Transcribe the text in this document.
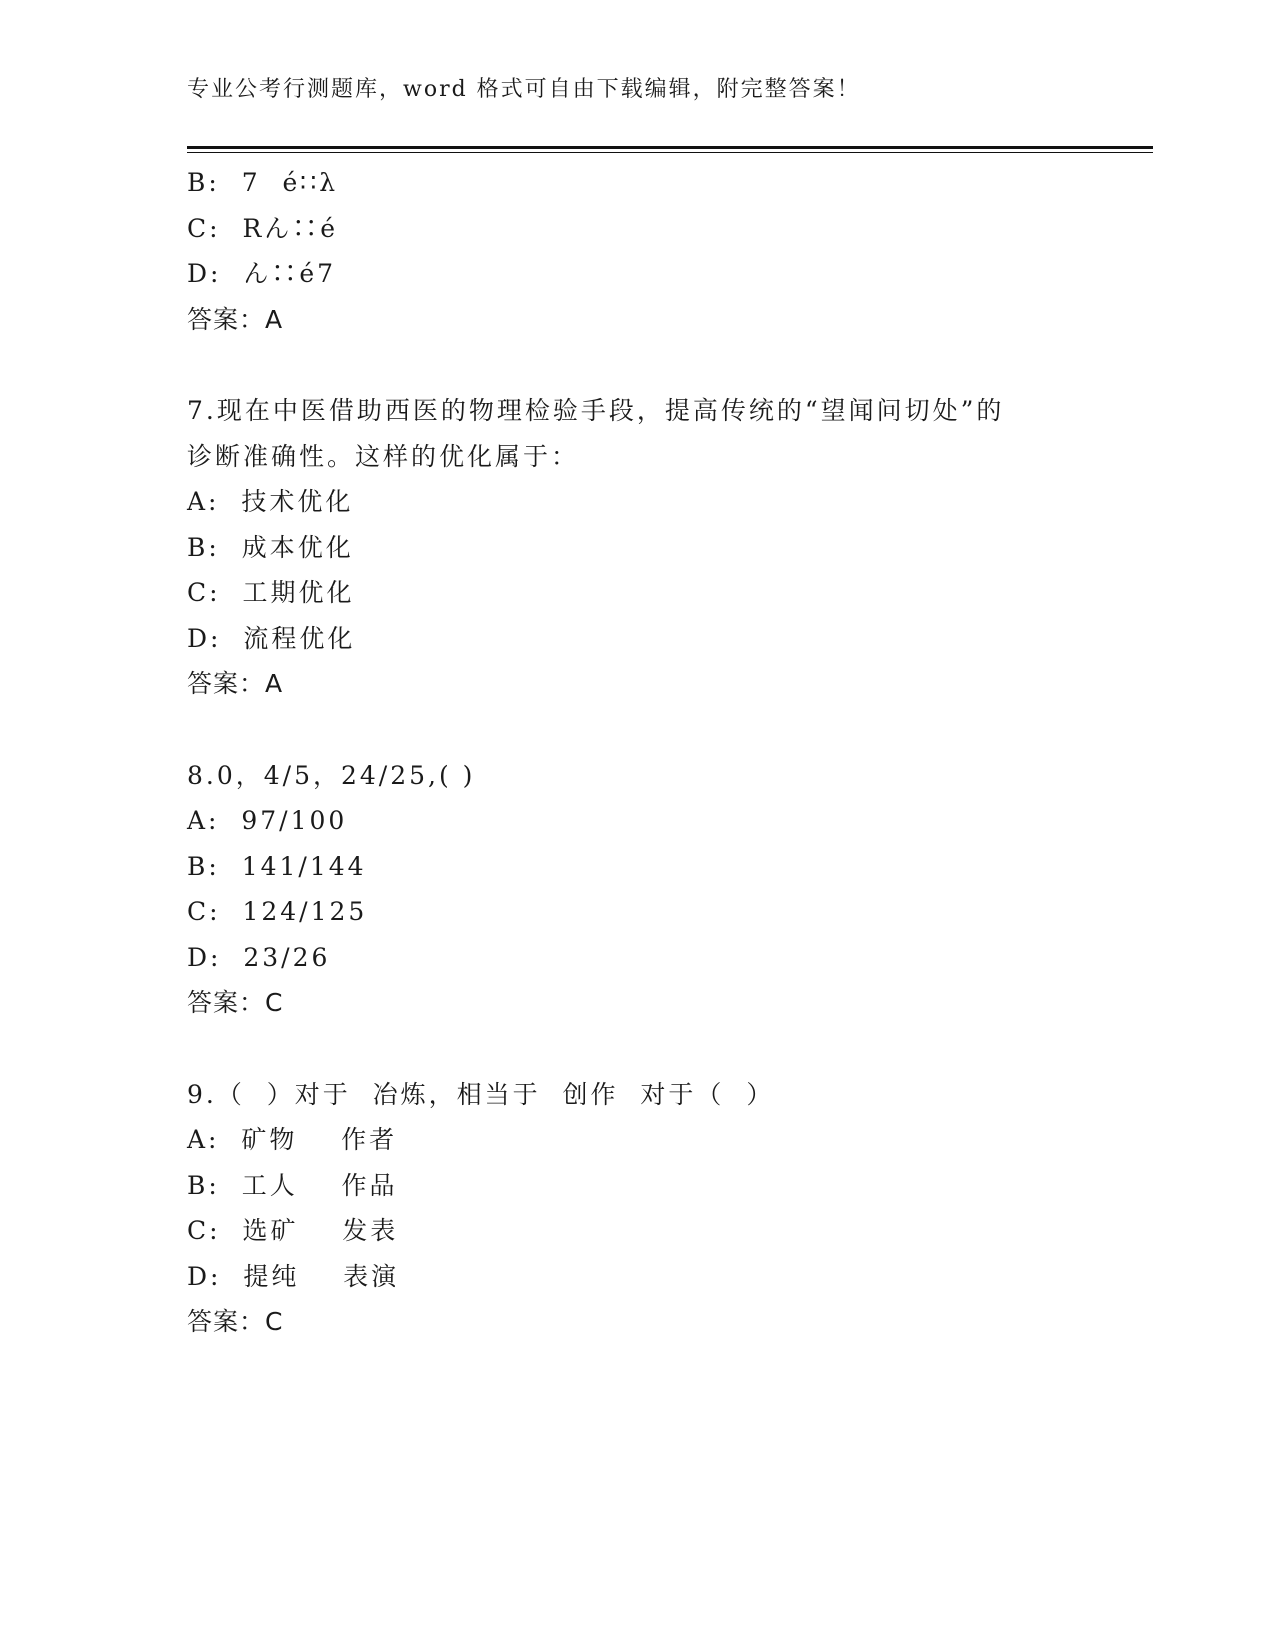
专业公考行测题库，word 格式可自由下载编辑，附完整答案！
B:  7  é∷λ
C:  Rん∷é
D:  ん∷é7
答案：A
7.现在中医借助西医的物理检验手段，提高传统的“望闻问切处”的
诊断准确性。这样的优化属于：
A:  技术优化
B:  成本优化
C:  工期优化
D:  流程优化
答案：A
8.0，4/5，24/25,( )
A:  97/100
B:  141/144
C:  124/125
D:  23/26
答案：C
9.（  ）对于  冶炼，相当于  创作  对于（  ）
A:  矿物    作者
B:  工人    作品
C:  选矿    发表
D:  提纯    表演
答案：C
